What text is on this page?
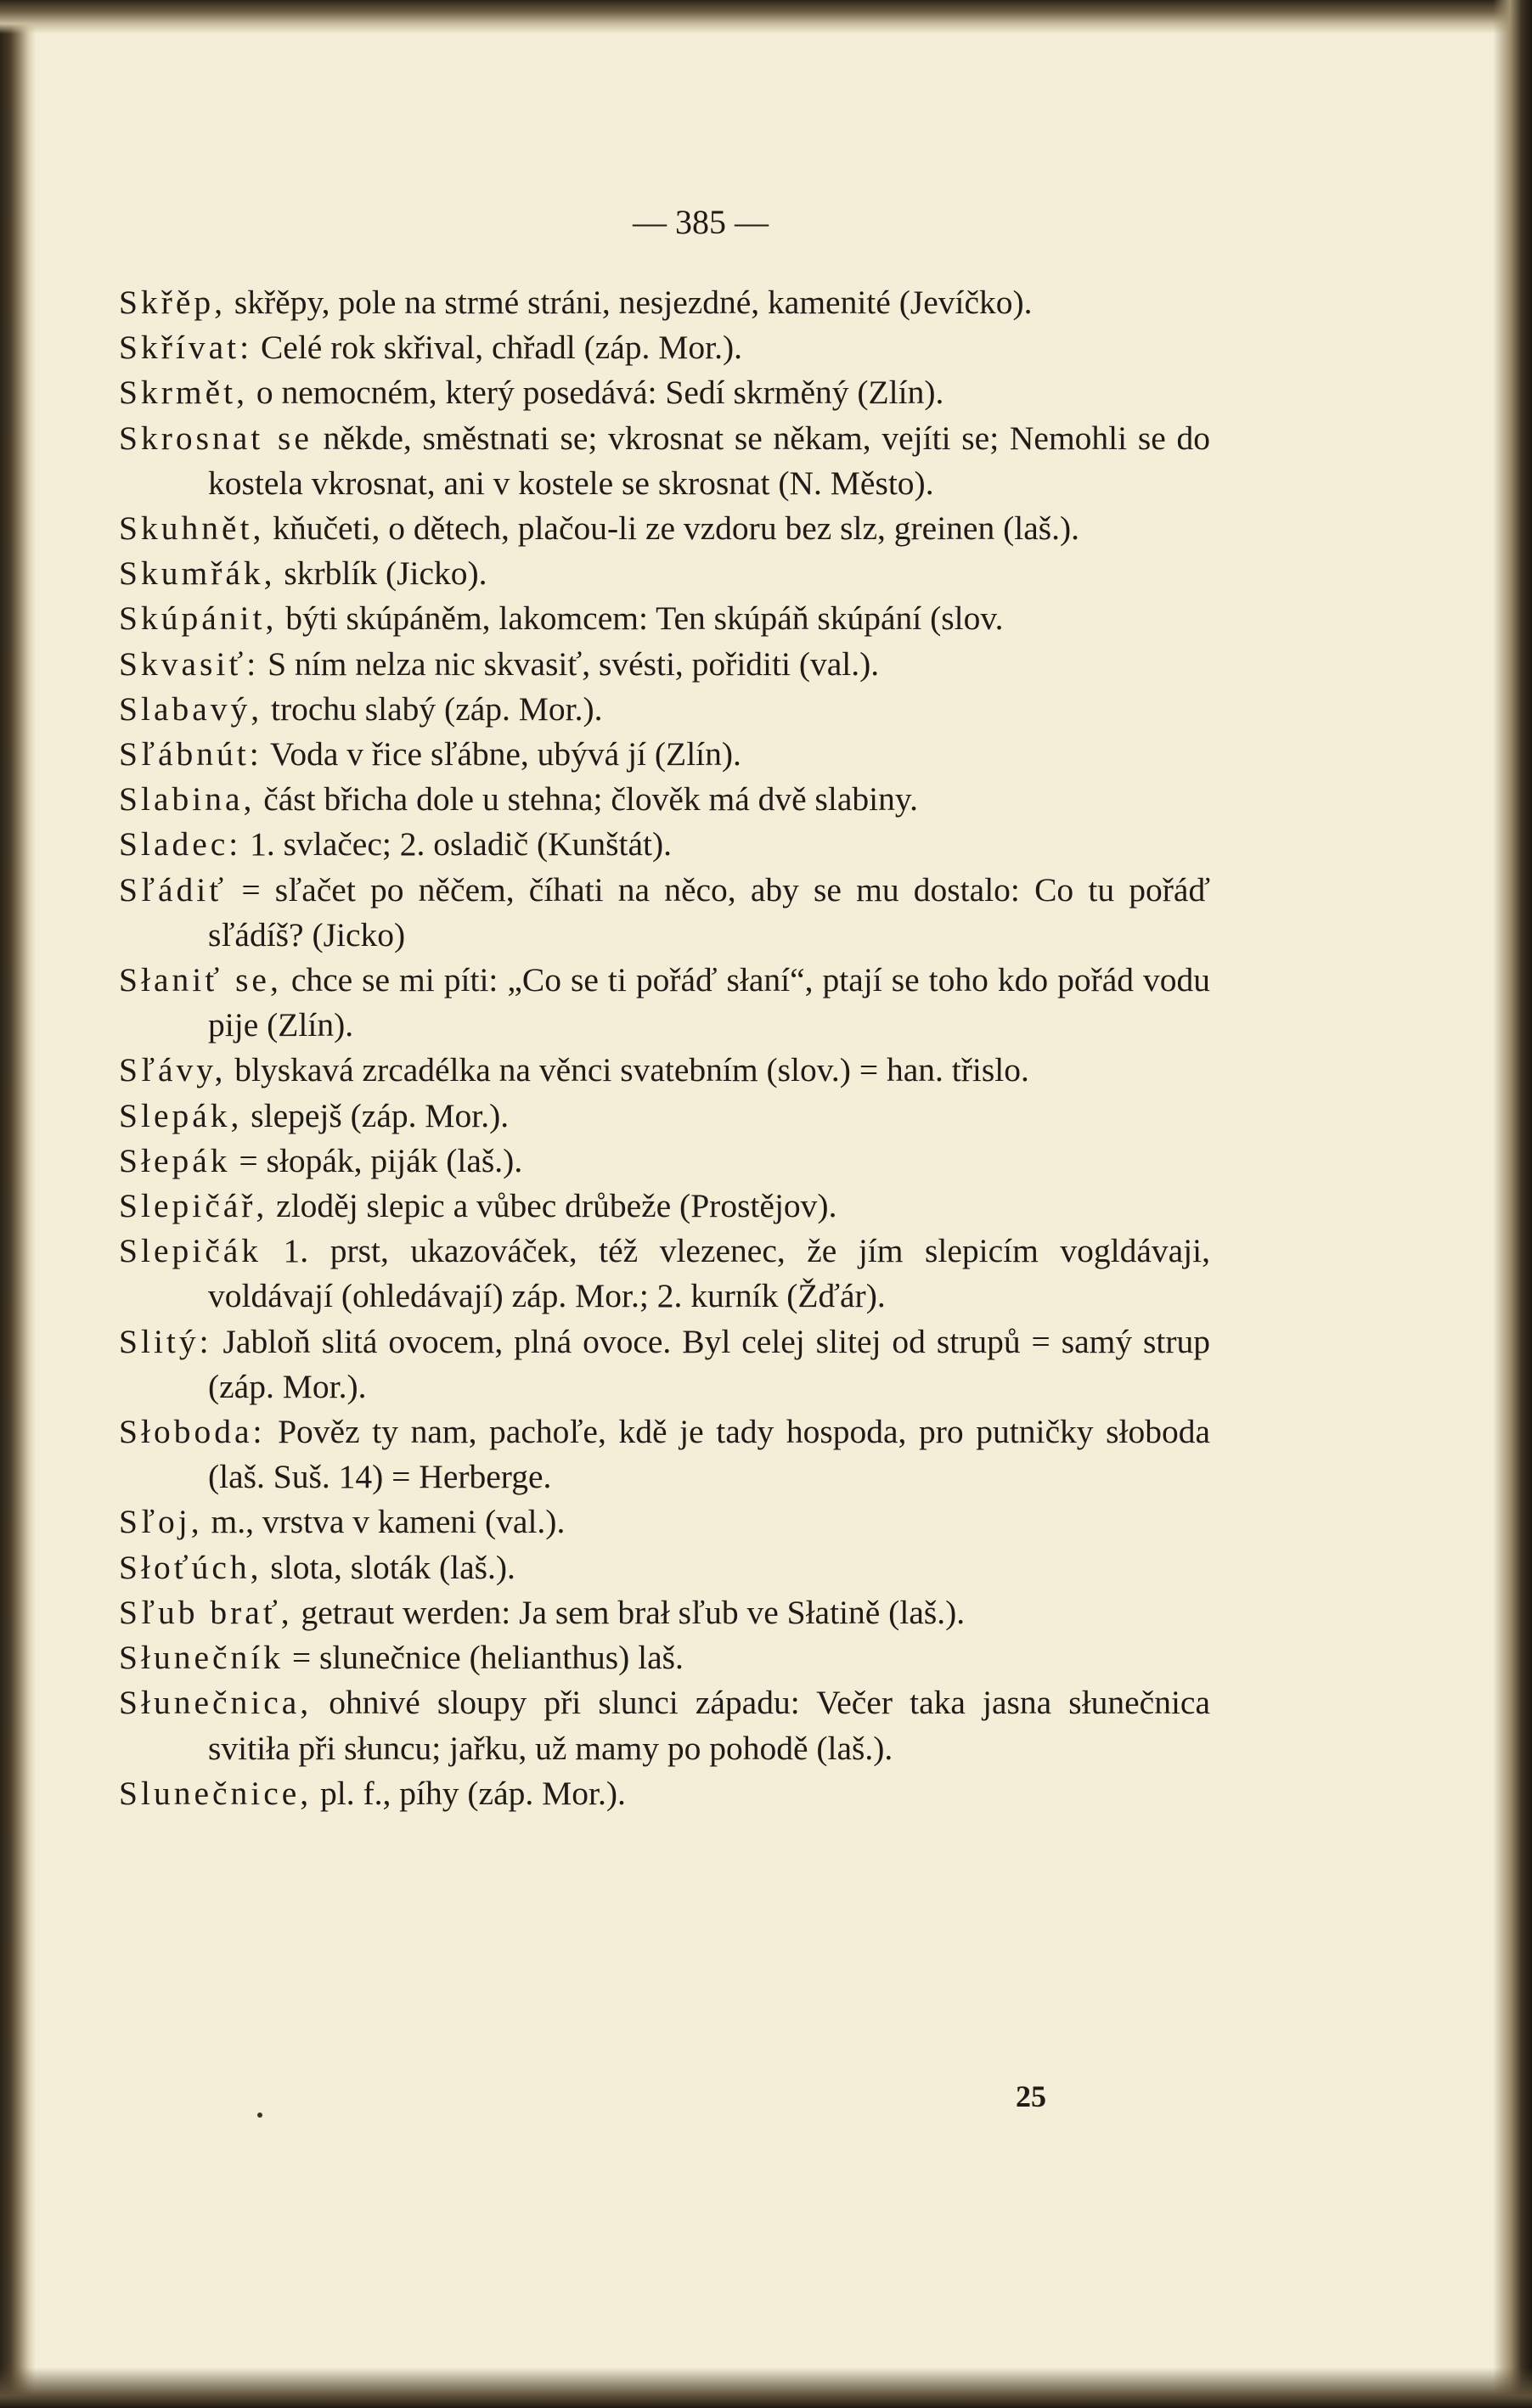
— 385 —
Skřěp, skřěpy, pole na strmé stráni, nesjezdné, kamenité (Jevíčko).
Skřívat: Celé rok skřival, chřadl (záp. Mor.).
Skrmět, o nemocném, který posedává: Sedí skrměný (Zlín).
Skrosnat se někde, směstnati se; vkrosnat se někam, vejíti se; Nemohli se do kostela vkrosnat, ani v kostele se skrosnat (N. Město).
Skuhnět, kňučeti, o dětech, plačou-li ze vzdoru bez slz, greinen (laš.).
Skumřák, skrblík (Jicko).
Skúpánit, býti skúpáněm, lakomcem: Ten skúpáň skúpání (slov.
Skvasiť: S ním nelza nic skvasiť, svésti, pořiditi (val.).
Slabavý, trochu slabý (záp. Mor.).
Sľábnút: Voda v řice sľábne, ubývá jí (Zlín).
Slabina, část břicha dole u stehna; člověk má dvě slabiny.
Sladec: 1. svlačec; 2. osladič (Kunštát).
Sľádiť = sľačet po něčem, číhati na něco, aby se mu dostalo: Co tu pořáď sľádíš? (Jicko)
Słaniť se, chce se mi píti: „Co se ti pořáď słaní“, ptají se toho kdo pořád vodu pije (Zlín).
Sľávy, blyskavá zrcadélka na věnci svatebním (slov.) = han. třislo.
Slepák, slepejš (záp. Mor.).
Słepák = słopák, piják (laš.).
Slepičář, zloděj slepic a vůbec drůbeže (Prostějov).
Slepičák 1. prst, ukazováček, též vlezenec, že jím slepicím vogldávaji, voldávají (ohledávají) záp. Mor.; 2. kurník (Žďár).
Slitý: Jabloň slitá ovocem, plná ovoce. Byl celej slitej od strupů = samý strup (záp. Mor.).
Słoboda: Pověz ty nam, pachoľe, kdě je tady hospoda, pro putničky słoboda (laš. Suš. 14) = Herberge.
Sľoj, m., vrstva v kameni (val.).
Słoťúch, slota, sloták (laš.).
Sľub brať, getraut werden: Ja sem brał sľub ve Słatině (laš.).
Słunečník = slunečnice (helianthus) laš.
Słunečnica, ohnivé sloupy při slunci západu: Večer taka jasna słunečnica svitiła při słuncu; jařku, už mamy po pohodě (laš.).
Slunečnice, pl. f., píhy (záp. Mor.).
25
